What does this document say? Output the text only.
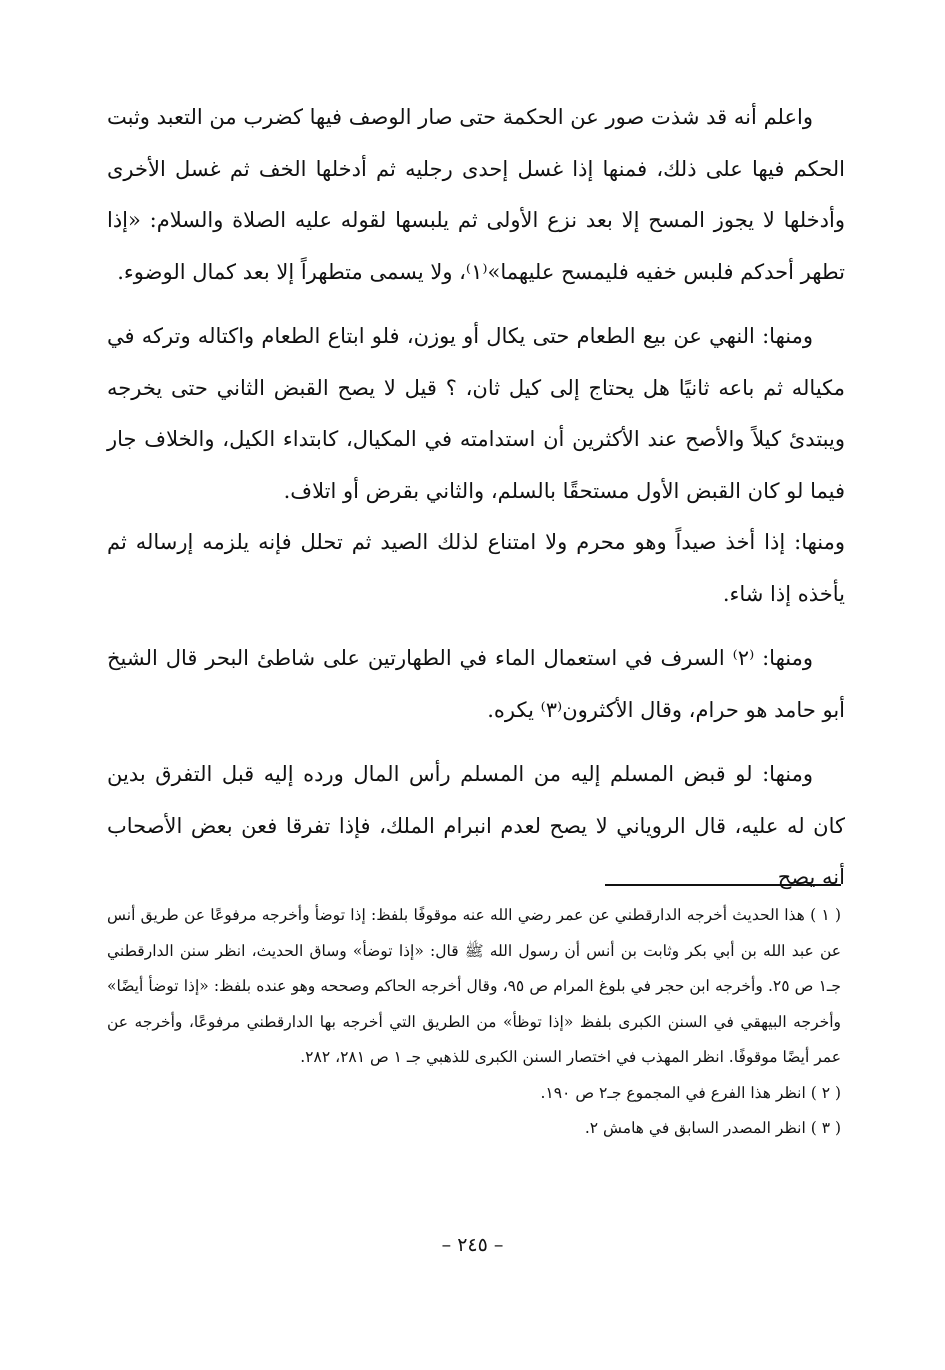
واعلم أنه قد شذت صور عن الحكمة حتى صار الوصف فيها كضرب من التعبد وثبت الحكم فيها على ذلك، فمنها إذا غسل إحدى رجليه ثم أدخلها الخف ثم غسل الأخرى وأدخلها لا يجوز المسح إلا بعد نزع الأولى ثم يلبسها لقوله عليه الصلاة والسلام: «إذا تطهر أحدكم فلبس خفيه فليمسح عليهما»⁽١⁾، ولا يسمى متطهراً إلا بعد كمال الوضوء.

ومنها: النهي عن بيع الطعام حتى يكال أو يوزن، فلو ابتاع الطعام واكتاله وتركه في مكياله ثم باعه ثانيًا هل يحتاج إلى كيل ثان، ؟ قيل لا يصح القبض الثاني حتى يخرجه ويبتدئ كيلاً والأصح عند الأكثرين أن استدامته في المكيال، كابتداء الكيل، والخلاف جار فيما لو كان القبض الأول مستحقًا بالسلم، والثاني بقرض أو اتلاف.

ومنها: إذا أخذ صيداً وهو محرم ولا امتناع لذلك الصيد ثم تحلل فإنه يلزمه إرساله ثم يأخذه إذا شاء.

ومنها: ⁽٢⁾ السرف في استعمال الماء في الطهارتين على شاطئ البحر قال الشيخ أبو حامد هو حرام، وقال الأكثرون⁽٣⁾ يكره.

ومنها: لو قبض المسلم إليه من المسلم رأس المال ورده إليه قبل التفرق بدين كان له عليه، قال الروياني لا يصح لعدم انبرام الملك، فإذا تفرقا فعن بعض الأصحاب أنه يصح

( ١ ) هذا الحديث أخرجه الدارقطني عن عمر رضي الله عنه موقوفًا بلفظ: إذا توضأ وأخرجه مرفوعًا عن طريق أنس عن عبد الله بن أبي بكر وثابت بن أنس أن رسول الله ﷺ قال: «إذا توضأ» وساق الحديث، انظر سنن الدارقطني جـ١ ص ٢٥. وأخرجه ابن حجر في بلوغ المرام ص ٩٥، وقال أخرجه الحاكم وصححه وهو عنده بلفظ: «إذا توضأ أيضًا» وأخرجه البيهقي في السنن الكبرى بلفظ «إذا توظأ» من الطريق التي أخرجه بها الدارقطني مرفوعًا، وأخرجه عن عمر أيضًا موقوفًا. انظر المهذب في اختصار السنن الكبرى للذهبي جـ ١ ص ٢٨١، ٢٨٢.

( ٢ ) انظر هذا الفرع في المجموع جـ٢ ص ١٩٠.

( ٣ ) انظر المصدر السابق في هامش ٢.

– ٢٤٥ –
